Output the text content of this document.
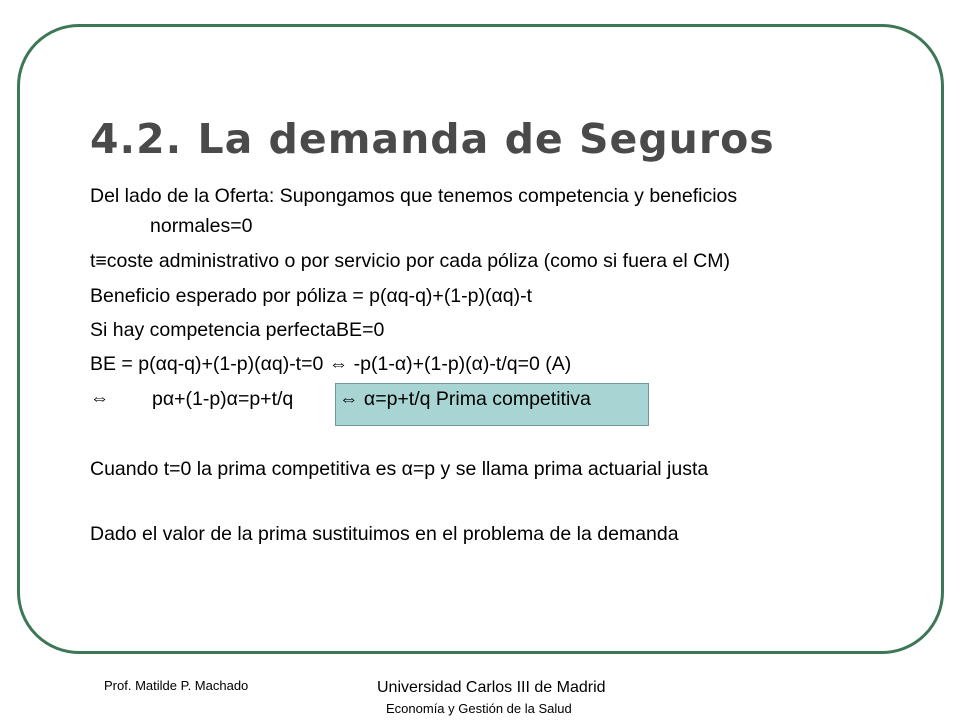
4.2. La demanda de Seguros
Del lado de la Oferta: Supongamos que tenemos competencia y beneficios
normales=0
t≡coste administrativo o por servicio por cada póliza (como si fuera el CM)
Beneficio esperado por póliza = p(αq-q)+(1-p)(αq)-t
Si hay competencia perfectaBE=0
BE = p(αq-q)+(1-p)(αq)-t=0 ⇔ -p(1-α)+(1-p)(α)-t/q=0 (A)
⇔ pα+(1-p)α=p+t/q ⇔ α=p+t/q Prima competitiva
Cuando t=0 la prima competitiva es α=p y se llama prima actuarial justa
Dado el valor de la prima sustituimos en el problema de la demanda
Prof. Matilde P. Machado	Universidad Carlos III de Madrid
Economía y Gestión de la Salud
